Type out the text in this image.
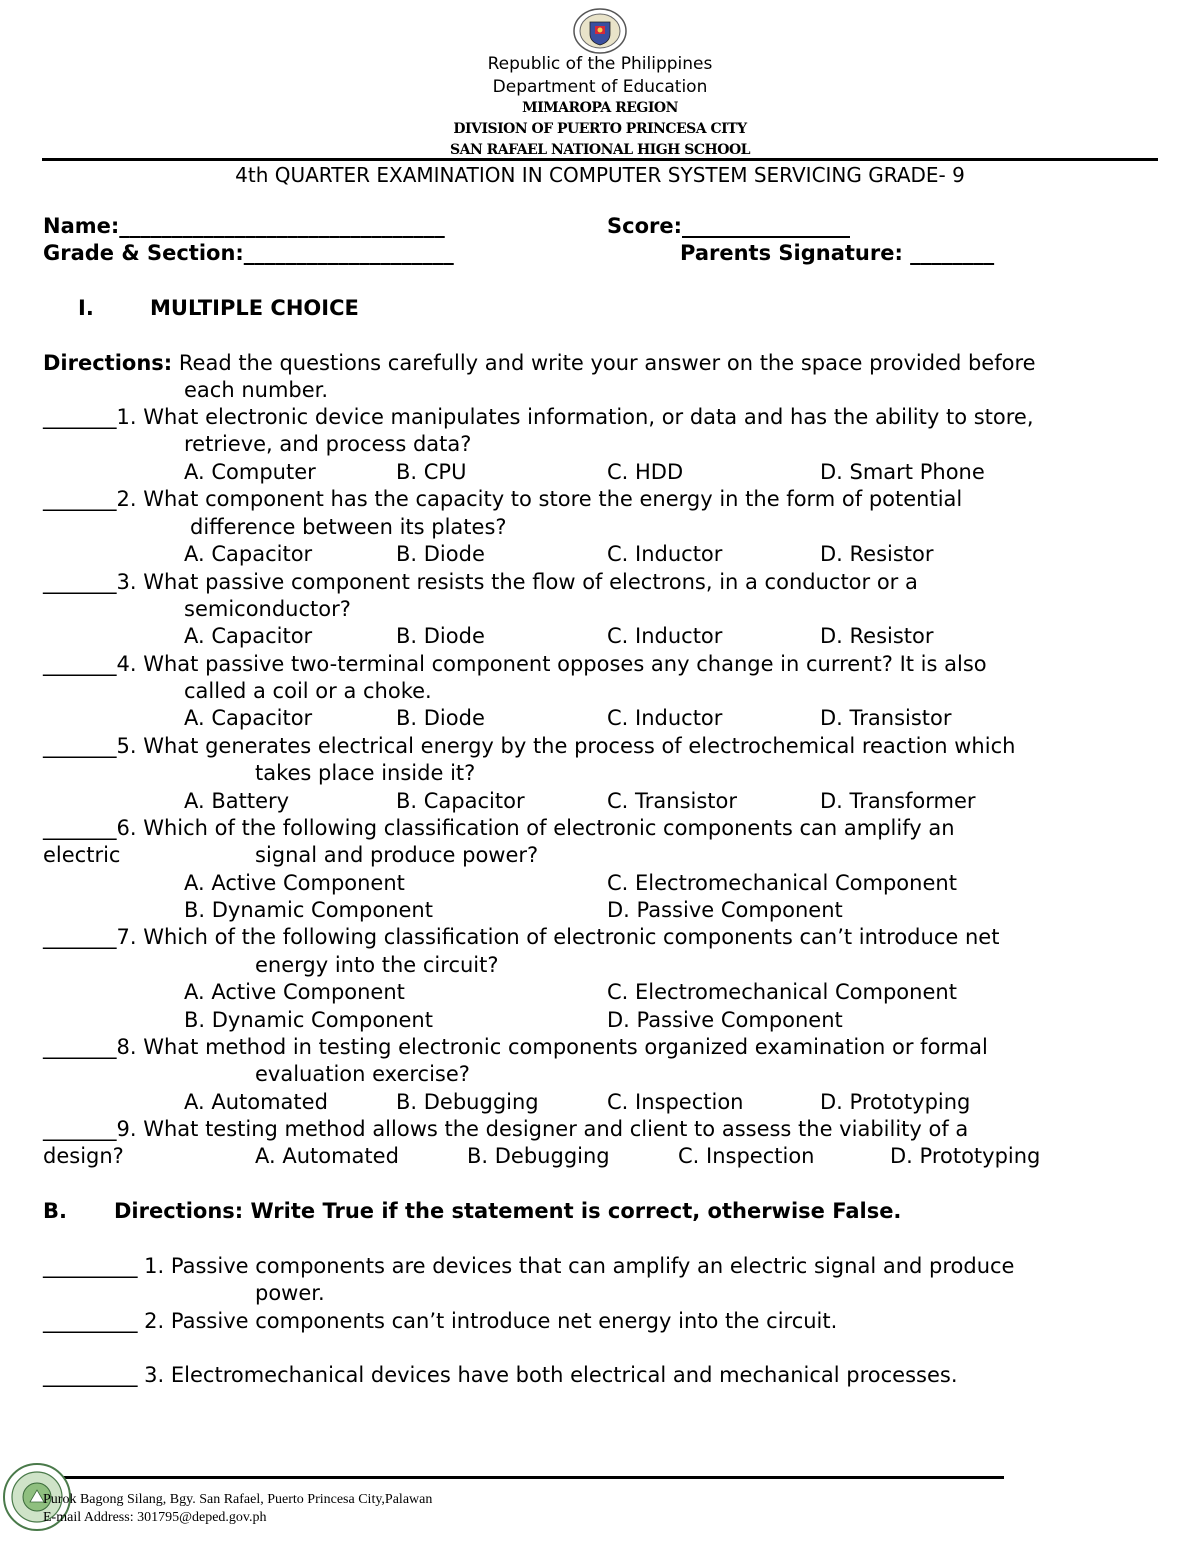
Republic of the Philippines
Department of Education
MIMAROPA REGION
DIVISION OF PUERTO PRINCESA CITY
SAN RAFAEL NATIONAL HIGH SCHOOL
4th QUARTER EXAMINATION IN COMPUTER SYSTEM SERVICING GRADE- 9
Name:_______________________________	Score:________________
Grade & Section:____________________	Parents Signature: ________
I.	MULTIPLE CHOICE
Directions: Read the questions carefully and write your answer on the space provided before
each number.
_______1. What electronic device manipulates information, or data and has the ability to store,
retrieve, and process data?
A. Computer	B. CPU	C. HDD	D. Smart Phone
_______2. What component has the capacity to store the energy in the form of potential
difference between its plates?
A. Capacitor	B. Diode	C. Inductor	D. Resistor
_______3. What passive component resists the flow of electrons, in a conductor or a
semiconductor?
A. Capacitor	B. Diode	C. Inductor	D. Resistor
_______4. What passive two-terminal component opposes any change in current? It is also
called a coil or a choke.
A. Capacitor	B. Diode	C. Inductor	D. Transistor
_______5. What generates electrical energy by the process of electrochemical reaction which
takes place inside it?
A. Battery	B. Capacitor	C. Transistor	D. Transformer
_______6. Which of the following classification of electronic components can amplify an
electric	signal and produce power?
A. Active Component	C. Electromechanical Component
B. Dynamic Component	D. Passive Component
_______7. Which of the following classification of electronic components can’t introduce net
energy into the circuit?
A. Active Component	C. Electromechanical Component
B. Dynamic Component	D. Passive Component
_______8. What method in testing electronic components organized examination or formal
evaluation exercise?
A. Automated	B. Debugging	C. Inspection	D. Prototyping
_______9. What testing method allows the designer and client to assess the viability of a
design?	A. Automated	B. Debugging	C. Inspection	D. Prototyping
B. Directions: Write True if the statement is correct, otherwise False.
_________ 1. Passive components are devices that can amplify an electric signal and produce
power.
_________ 2. Passive components can’t introduce net energy into the circuit.
_________ 3. Electromechanical devices have both electrical and mechanical processes.
Purok Bagong Silang, Bgy. San Rafael, Puerto Princesa City,Palawan
E-mail Address: 301795@deped.gov.ph
